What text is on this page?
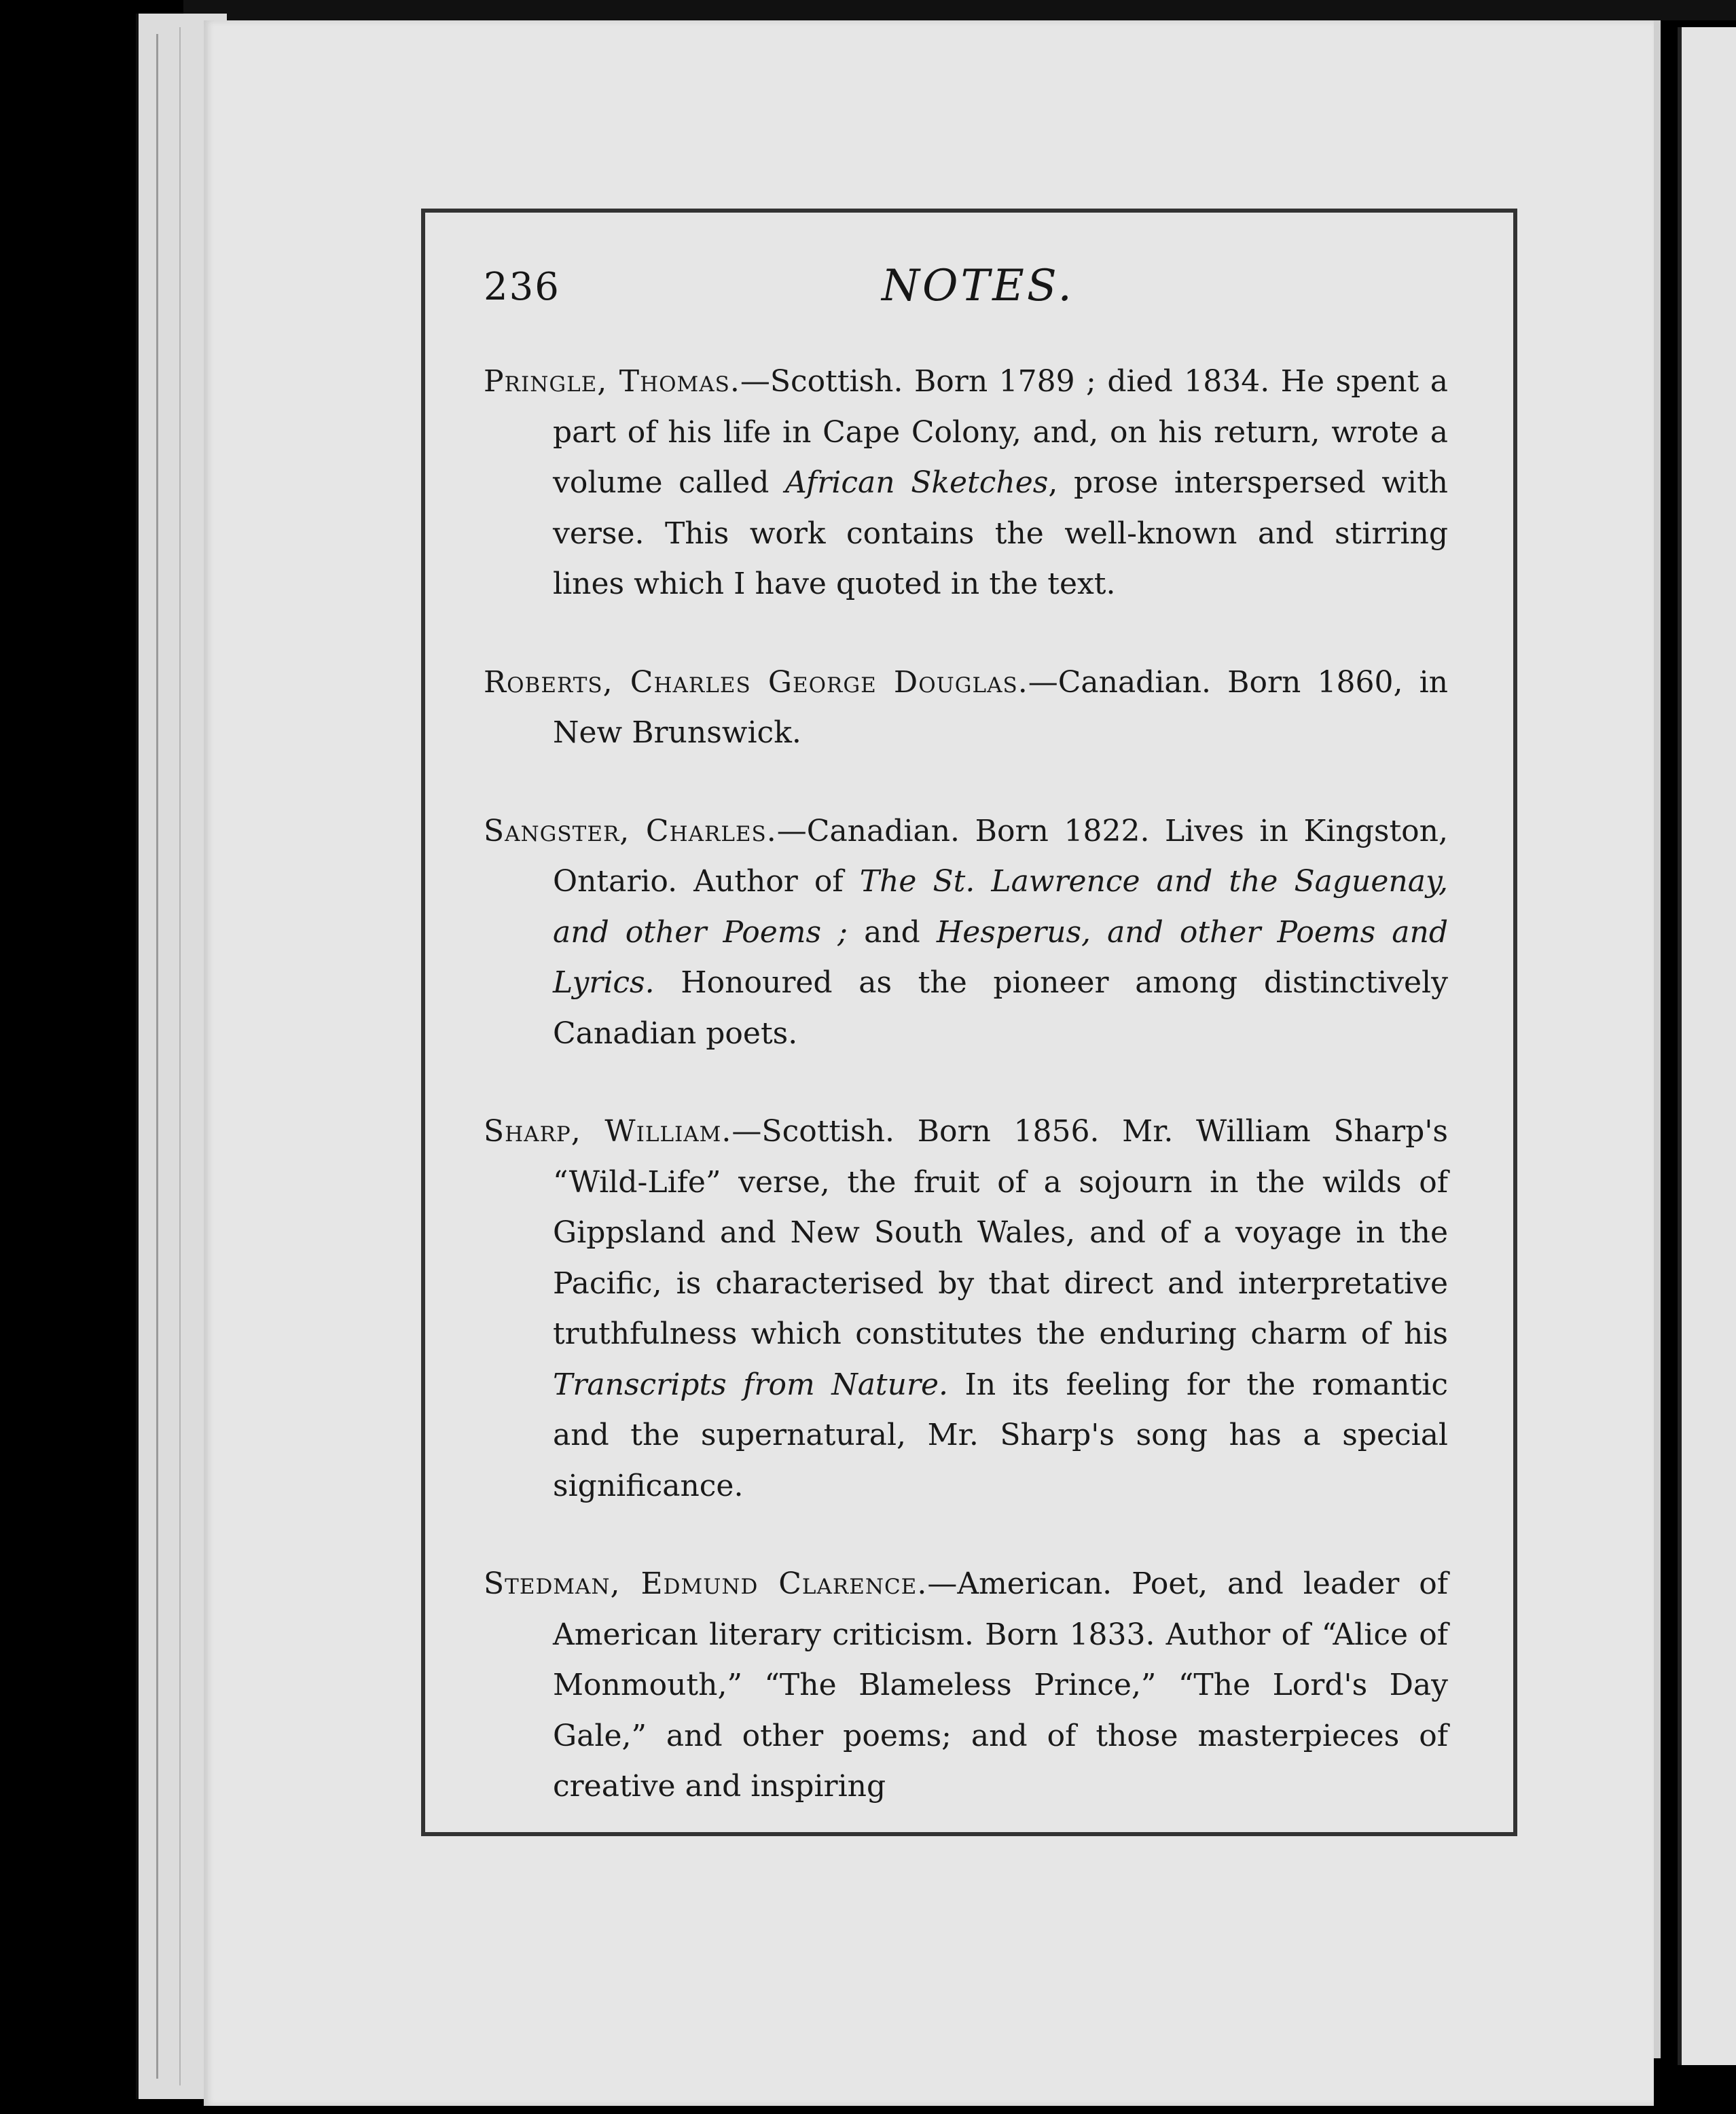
236	NOTES.

Pringle, Thomas.—Scottish. Born 1789 ; died 1834. He spent a part of his life in Cape Colony, and, on his return, wrote a volume called African Sketches, prose interspersed with verse. This work contains the well-known and stirring lines which I have quoted in the text.

Roberts, Charles George Douglas.—Canadian. Born 1860, in New Brunswick.

Sangster, Charles.—Canadian. Born 1822. Lives in Kingston, Ontario. Author of The St. Lawrence and the Saguenay, and other Poems ; and Hesperus, and other Poems and Lyrics. Honoured as the pioneer among distinctively Canadian poets.

Sharp, William.—Scottish. Born 1856. Mr. William Sharp's “Wild-Life” verse, the fruit of a sojourn in the wilds of Gippsland and New South Wales, and of a voyage in the Pacific, is characterised by that direct and interpretative truthfulness which constitutes the enduring charm of his Transcripts from Nature. In its feeling for the romantic and the supernatural, Mr. Sharp's song has a special significance.

Stedman, Edmund Clarence.—American. Poet, and leader of American literary criticism. Born 1833. Author of “Alice of Monmouth,” “The Blameless Prince,” “The Lord's Day Gale,” and other poems; and of those masterpieces of creative and inspiring
